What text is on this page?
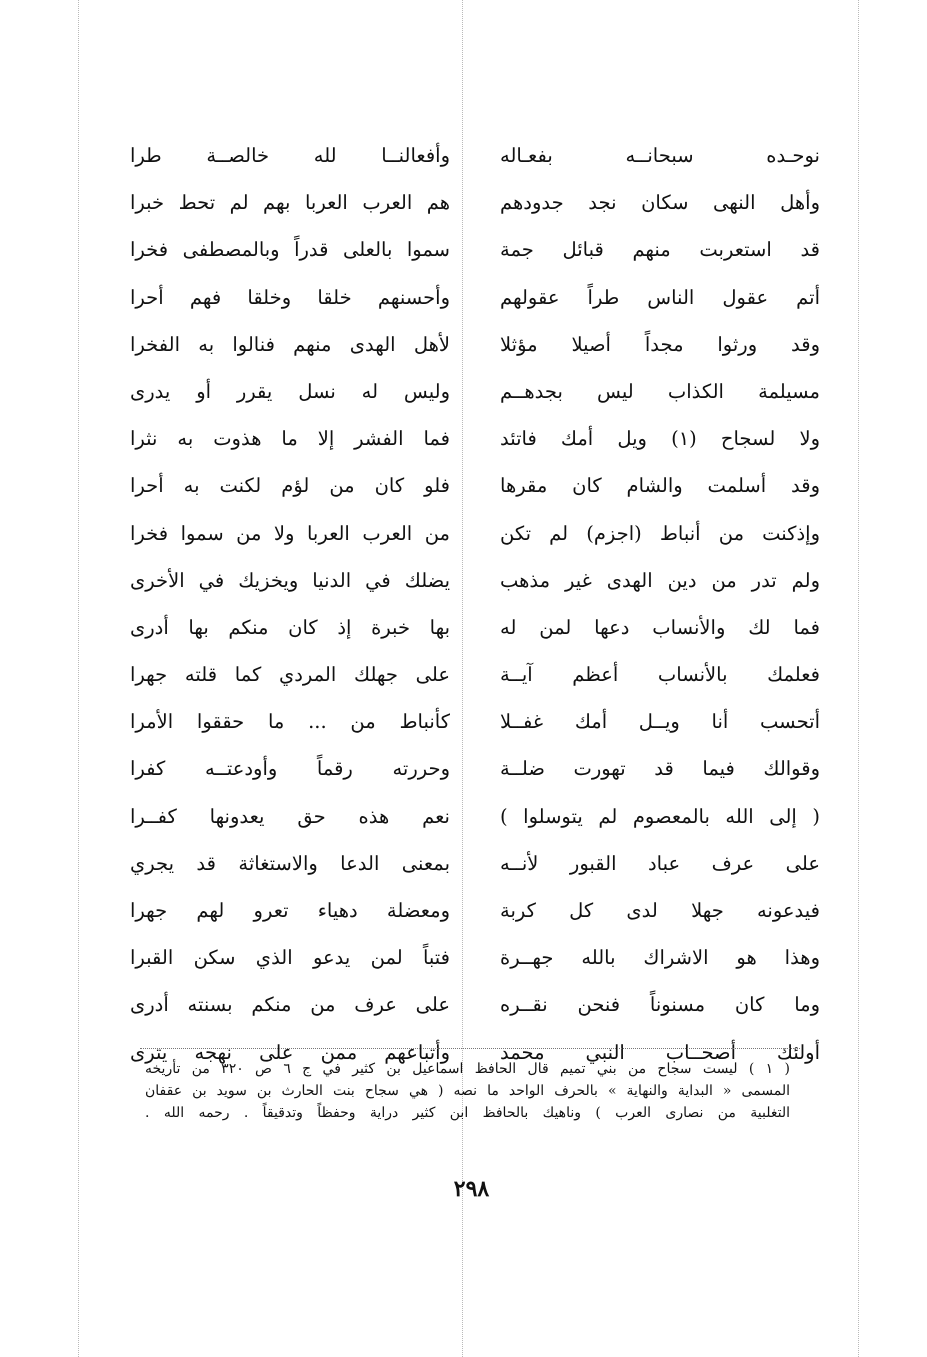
نوحـده سبحانــه بفعـاله
وأفعالنــا لله خالصــة طرا
وأهل النهى سكان نجد جدودهم
هم العرب العربا بهم لم تحط خبرا
قد استعربت منهم قبائل جمة
سموا بالعلى قدراً وبالمصطفى فخرا
أتم عقول الناس طراً عقولهم
وأحسنهم خلقا وخلقا فهم أحرا
وقد ورثوا مجداً أصيلا مؤثلا
لأهل الهدى منهم فنالوا به الفخرا
مسيلمة الكذاب ليس بجدهــم
وليس له نسل يقرر أو يدرى
ولا لسجاح (١) ويل أمك فاتئد
فما الفشر إلا ما هذوت به نثرا
وقد أسلمت والشام كان مقرها
فلو كان من لؤم لكنت به أحرا
وإذكنت من أنباط (اجزم) لم تكن
من العرب العربا ولا من سموا فخرا
ولم تدر من دين الهدى غير مذهب
يضلك في الدنيا ويخزيك في الأخرى
فما لك والأنساب دعها لمن له
بها خبرة إذ كان منكم بها أدرى
فعلمك بالأنساب أعظم آيــة
على جهلك المردي كما قلته جهرا
أتحسب أنا ويــل أمك غفــلا
كأنباط من ... ما حققوا الأمرا
وقوالك فيما قد تهورت ضلــة
وحررته رقماً وأودعتــه كفرا
( إلى الله بالمعصوم لم يتوسلوا )
نعم هذه حق يعدونها كفــرا
على عرف عباد القبور لأنــه
بمعنى الدعا والاستغاثة قد يجري
فيدعونه جهلا لدى كل كربة
ومعضلة دهياء تعرو لهم جهرا
وهذا هو الاشراك بالله جهــرة
فتباً لمن يدعو الذي سكن القبرا
وما كان مسنوناً فنحن نقــره
على عرف من منكم بسنته أدرى
أولئك أصحــاب النبي محمد
وأتباعهم ممن على نهجه يترى
( ١ ) ليست سجاح من بني تميم قال الحافظ اسماعيل بن كثير في ج ٦ ص ٣٢٠ من تأريخه
المسمى « البداية والنهاية » بالحرف الواحد ما نصه ( هي سجاح بنت الحارث بن سويد بن عقفان
التغلبية من نصارى العرب ) وناهيك بالحافظ ابن كثير دراية وحفظاً وتدقيقاً . رحمه الله .
٢٩٨
